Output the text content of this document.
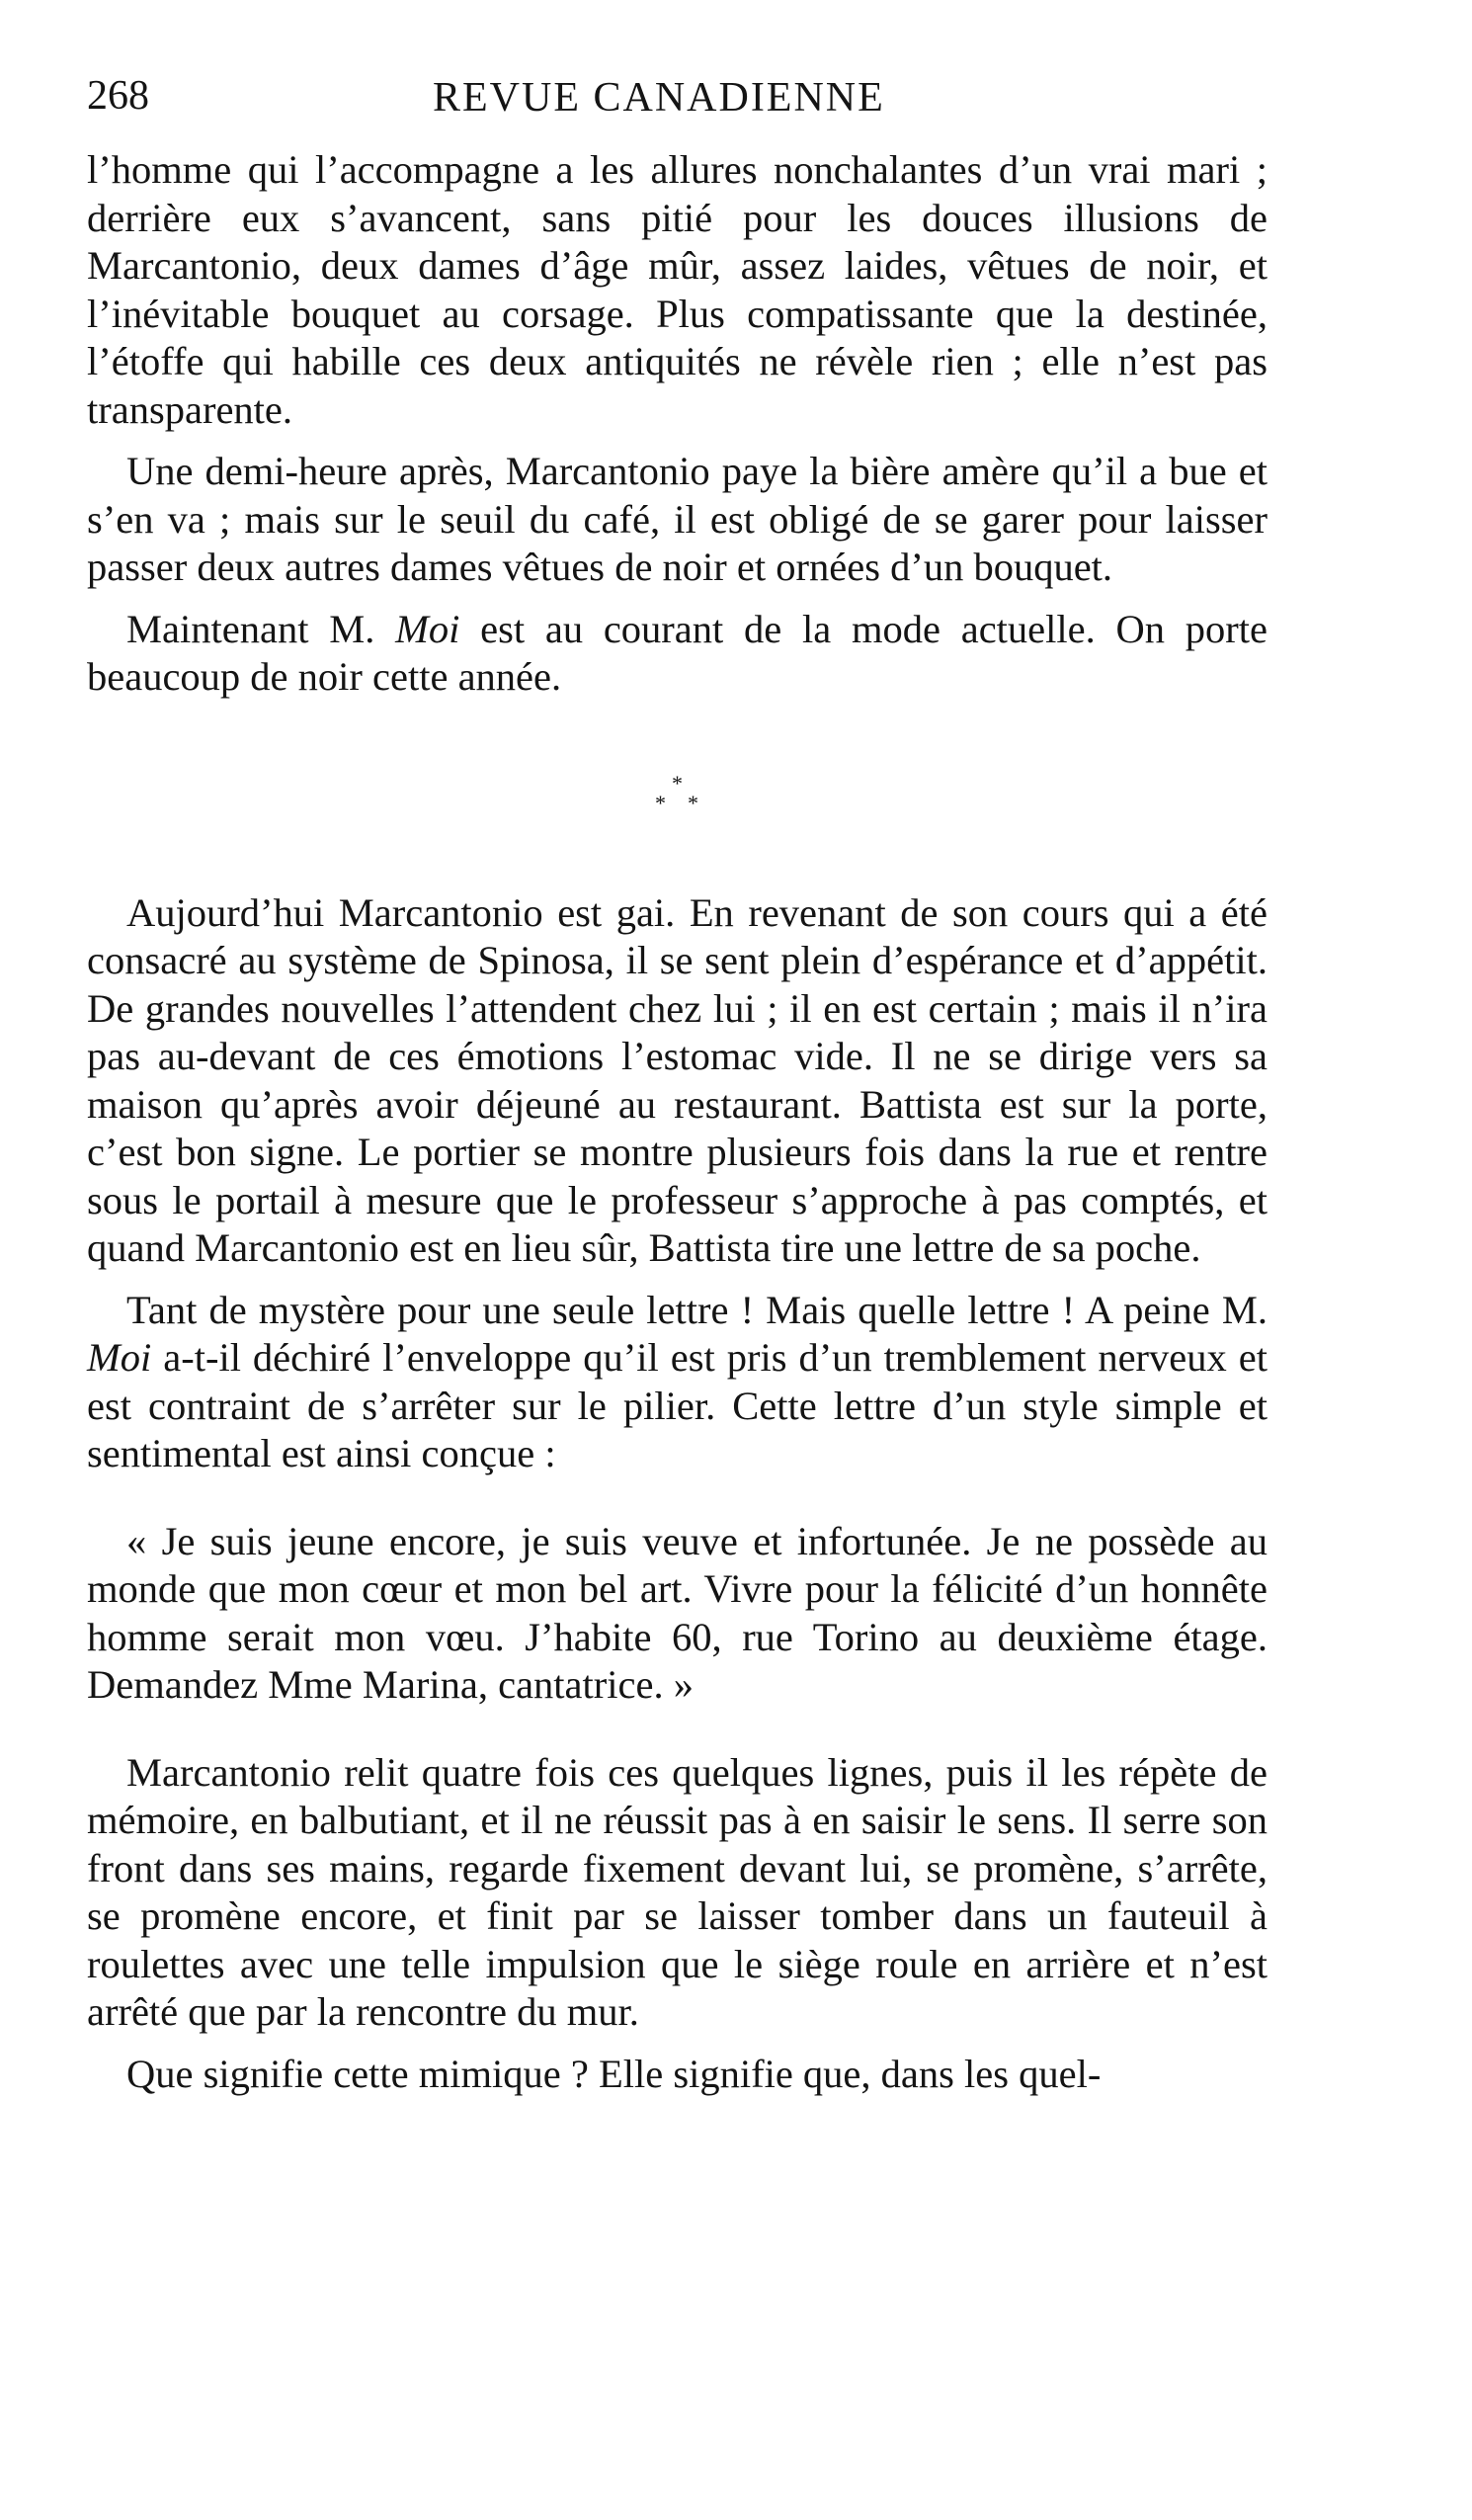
268	REVUE CANADIENNE

l’homme qui l’accompagne a les allures nonchalantes d’un vrai mari ; derrière eux s’avancent, sans pitié pour les douces illusions de Marcantonio, deux dames d’âge mûr, assez laides, vêtues de noir, et l’inévitable bouquet au corsage. Plus compatissante que la destinée, l’étoffe qui habille ces deux antiquités ne révèle rien ; elle n’est pas transparente.

Une demi-heure après, Marcantonio paye la bière amère qu’il a bue et s’en va ; mais sur le seuil du café, il est obligé de se garer pour laisser passer deux autres dames vêtues de noir et ornées d’un bouquet.

Maintenant M. Moi est au courant de la mode actuelle. On porte beaucoup de noir cette année.

*
* *

Aujourd’hui Marcantonio est gai. En revenant de son cours qui a été consacré au système de Spinosa, il se sent plein d’espérance et d’appétit. De grandes nouvelles l’attendent chez lui ; il en est certain ; mais il n’ira pas au-devant de ces émotions l’estomac vide. Il ne se dirige vers sa maison qu’après avoir déjeuné au restaurant. Battista est sur la porte, c’est bon signe. Le portier se montre plusieurs fois dans la rue et rentre sous le portail à mesure que le professeur s’approche à pas comptés, et quand Marcantonio est en lieu sûr, Battista tire une lettre de sa poche.

Tant de mystère pour une seule lettre ! Mais quelle lettre ! A peine M. Moi a-t-il déchiré l’enveloppe qu’il est pris d’un tremblement nerveux et est contraint de s’arrêter sur le pilier. Cette lettre d’un style simple et sentimental est ainsi conçue :

« Je suis jeune encore, je suis veuve et infortunée. Je ne possède au monde que mon cœur et mon bel art. Vivre pour la félicité d’un honnête homme serait mon vœu. J’habite 60, rue Torino au deuxième étage. Demandez Mme Marina, cantatrice. »

Marcantonio relit quatre fois ces quelques lignes, puis il les répète de mémoire, en balbutiant, et il ne réussit pas à en saisir le sens. Il serre son front dans ses mains, regarde fixement devant lui, se promène, s’arrête, se promène encore, et finit par se laisser tomber dans un fauteuil à roulettes avec une telle impulsion que le siège roule en arrière et n’est arrêté que par la rencontre du mur.

Que signifie cette mimique ? Elle signifie que, dans les quel-
